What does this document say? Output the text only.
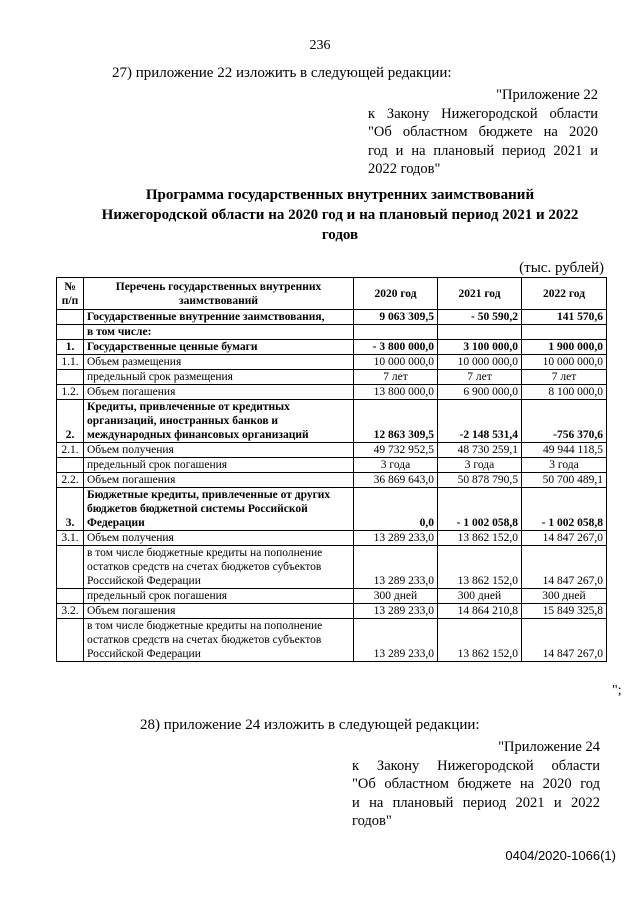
236
27) приложение 22 изложить в следующей редакции:
"Приложение 22
к Закону Нижегородской области
"Об областном бюджете на 2020
год и на плановый период 2021 и
2022 годов"
Программа государственных внутренних заимствований
Нижегородской области на 2020 год и на плановый период 2021 и 2022
годов
(тыс. рублей)
№ п/п	Перечень государственных внутренних заимствований	2020 год	2021 год	2022 год
	Государственные внутренние заимствования,	9 063 309,5	- 50 590,2	141 570,6
	в том числе:			
1.	Государственные ценные бумаги	- 3 800 000,0	3 100 000,0	1 900 000,0
1.1.	Объем размещения	10 000 000,0	10 000 000,0	10 000 000,0
	предельный срок размещения	7 лет	7 лет	7 лет
1.2.	Объем погашения	13 800 000,0	6 900 000,0	8 100 000,0
2.	Кредиты, привлеченные от кредитных организаций, иностранных банков и международных финансовых организаций	12 863 309,5	-2 148 531,4	-756 370,6
2.1.	Объем получения	49 732 952,5	48 730 259,1	49 944 118,5
	предельный срок погашения	3 года	3 года	3 года
2.2.	Объем погашения	36 869 643,0	50 878 790,5	50 700 489,1
3.	Бюджетные кредиты, привлеченные от других бюджетов бюджетной системы Российской Федерации	0,0	- 1 002 058,8	- 1 002 058,8
3.1.	Объем получения	13 289 233,0	13 862 152,0	14 847 267,0
	в том числе бюджетные кредиты на пополнение остатков средств на счетах бюджетов субъектов Российской Федерации	13 289 233,0	13 862 152,0	14 847 267,0
	предельный срок погашения	300 дней	300 дней	300 дней
3.2.	Объем погашения	13 289 233,0	14 864 210,8	15 849 325,8
	в том числе бюджетные кредиты на пополнение остатков средств на счетах бюджетов субъектов Российской Федерации	13 289 233,0	13 862 152,0	14 847 267,0
";
28) приложение 24 изложить в следующей редакции:
"Приложение 24
к Закону Нижегородской области
"Об областном бюджете на 2020 год
и на плановый период 2021 и 2022
годов"
0404/2020-1066(1)
